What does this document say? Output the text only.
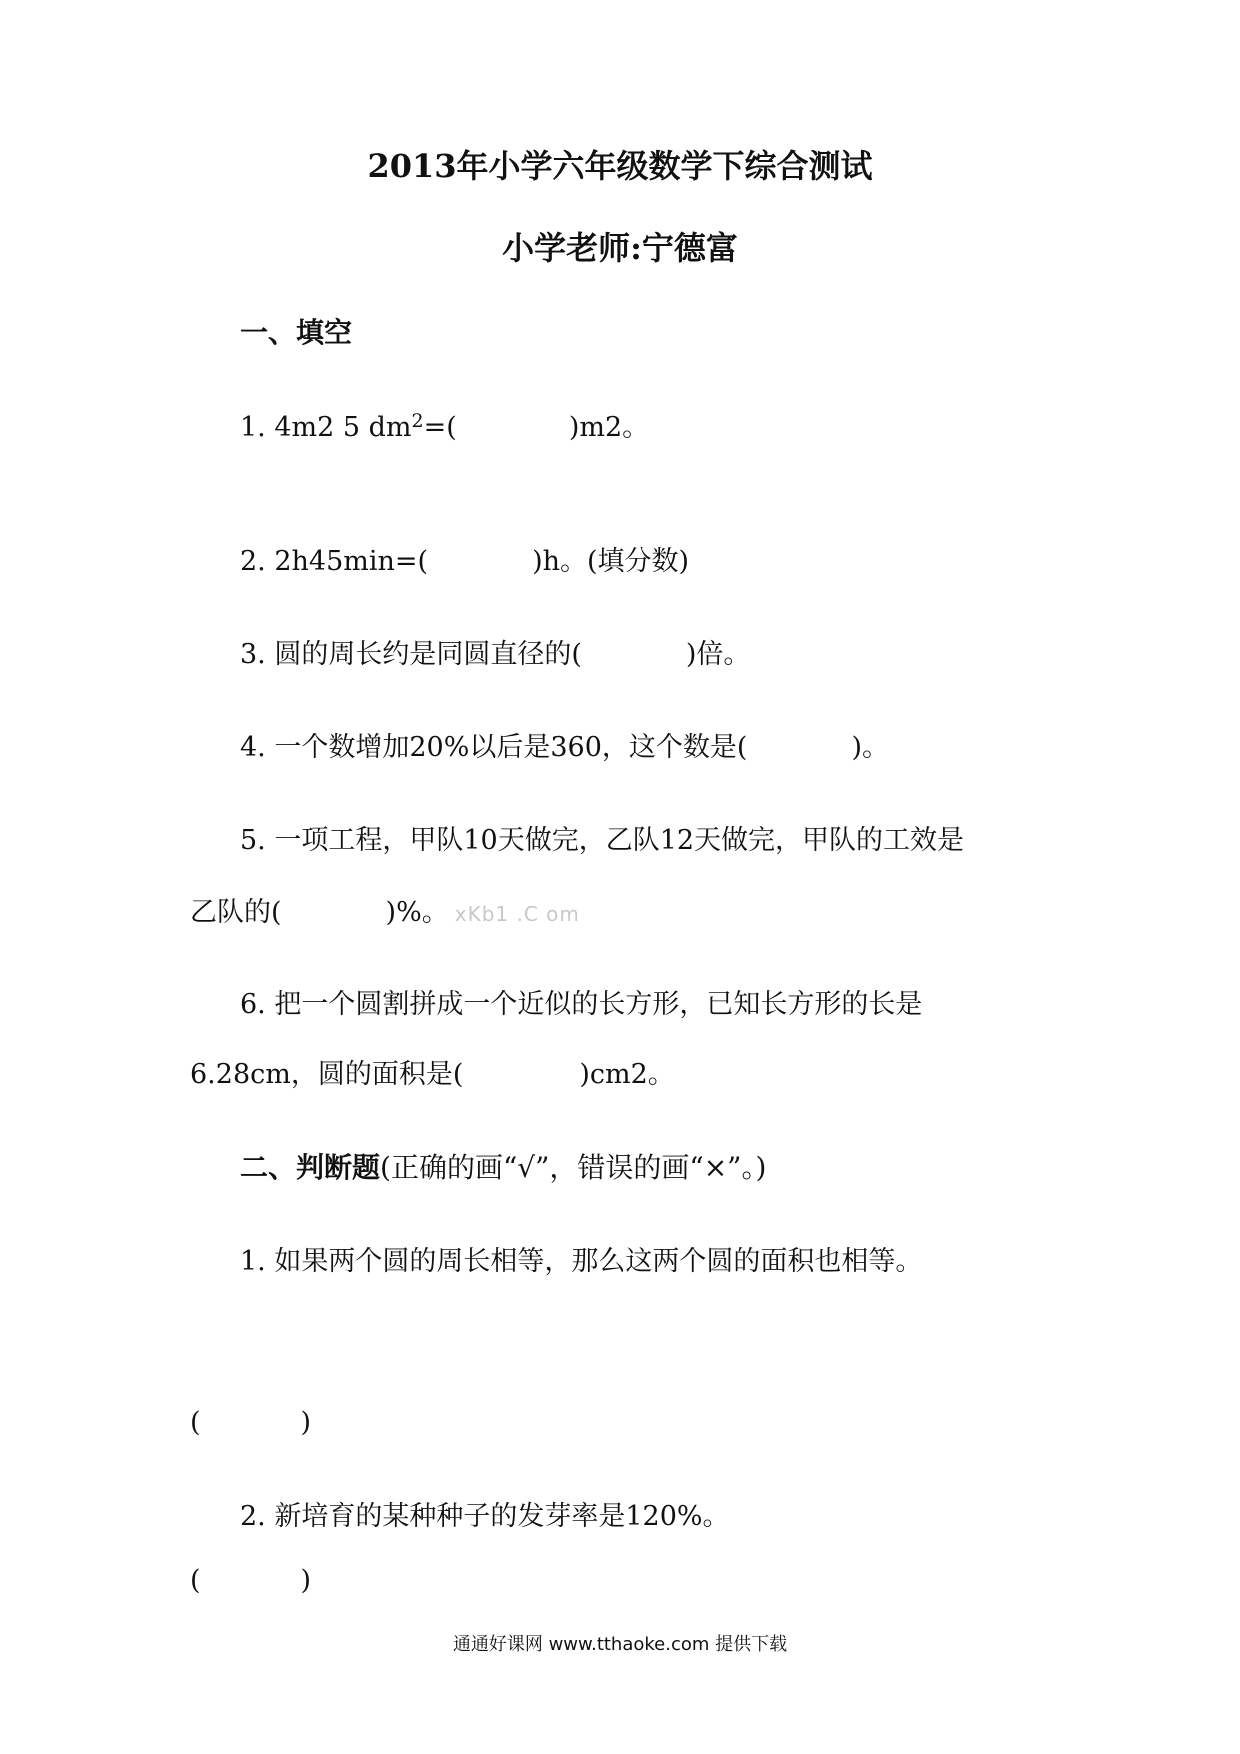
2013年小学六年级数学下综合测试
小学老师:宁德富
一、填空
1. 4m2 5 $dm^2=$(	)m2。
2. 2h45min=(	)h。(填分数)
3. 圆的周长约是同圆直径的(	)倍。
4. 一个数增加20%以后是360，这个数是(	)。
5. 一项工程，甲队10天做完，乙队12天做完，甲队的工效是
乙队的(	)%。 xKb1 .C om
6. 把一个圆割拼成一个近似的长方形，已知长方形的长是
6.28cm，圆的面积是(	)cm2。
二、判断题(正确的画“√”，错误的画“×”。)
1. 如果两个圆的周长相等，那么这两个圆的面积也相等。
(	)
2. 新培育的某种种子的发芽率是120%。
(	)
通通好课网 www.tthaoke.com 提供下载
